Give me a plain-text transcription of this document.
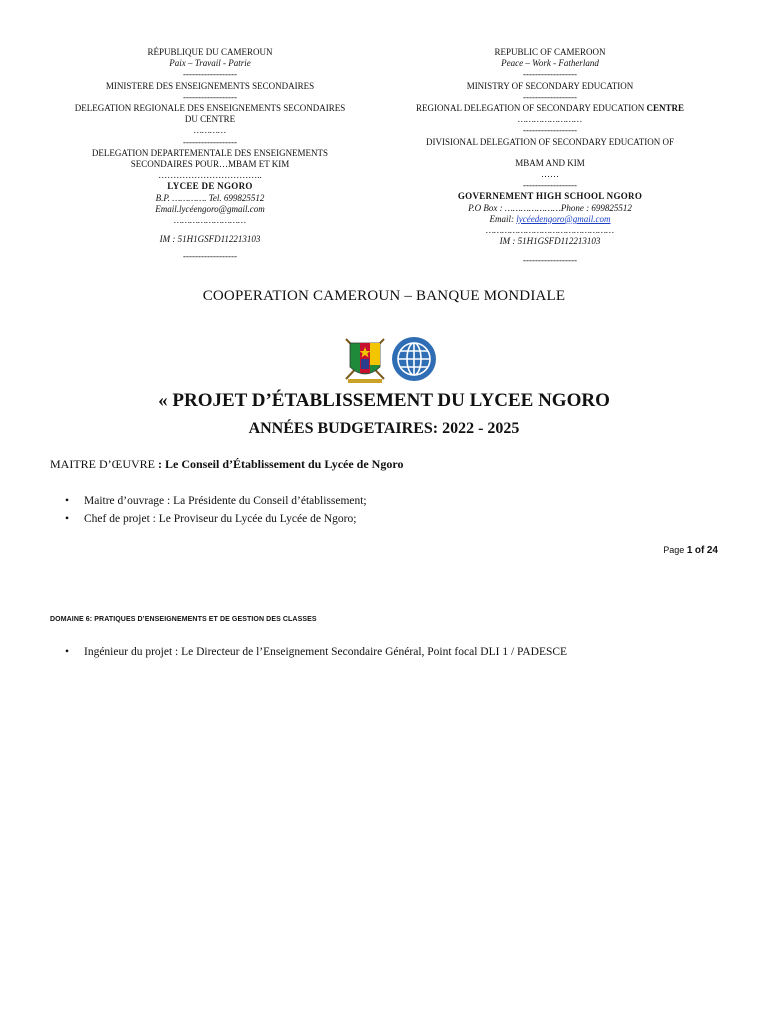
RÉPUBLIQUE DU CAMEROUN
Paix – Travail - Patrie
------------------
MINISTERE DES ENSEIGNEMENTS SECONDAIRES
------------------
DELEGATION REGIONALE DES ENSEIGNEMENTS SECONDAIRES
DU CENTRE
…………
------------------
DELEGATION DEPARTEMENTALE DES ENSEIGNEMENTS
SECONDAIRES POUR…MBAM ET KIM
……………………………..
LYCEE DE NGORO
B.P. …………. Tel. 699825512
Email.lycéengoro@gmail.com
………………………
IM : 51H1GSFD112213103
------------------
REPUBLIC OF CAMEROON
Peace – Work - Fatherland
------------------
MINISTRY OF SECONDARY EDUCATION
------------------
REGIONAL DELEGATION OF SECONDARY EDUCATION CENTRE
……………………
------------------
DIVISIONAL DELEGATION OF SECONDARY EDUCATION OF
MBAM AND KIM
……
------------------
GOVERNEMENT HIGH SCHOOL NGORO
P.O Box : …………………Phone : 699825512
Email: lycéedengoro@gmail.com
…………………………………………
IM : 51H1GSFD112213103
------------------
COOPERATION CAMEROUN – BANQUE MONDIALE
« PROJET D’ÉTABLISSEMENT DU LYCEE NGORO
ANNÉES BUDGETAIRES: 2022 - 2025
MAITRE D’ŒUVRE : Le Conseil d’Établissement du Lycée de Ngoro
• Maitre d’ouvrage : La Présidente du Conseil d’établissement;
• Chef de projet : Le Proviseur du Lycée du Lycée de Ngoro;
Page 1 of 24
DOMAINE 6: PRATIQUES D’ENSEIGNEMENTS ET DE GESTION DES CLASSES
• Ingénieur du projet : Le Directeur de l’Enseignement Secondaire Général, Point focal DLI 1 / PADESCE
